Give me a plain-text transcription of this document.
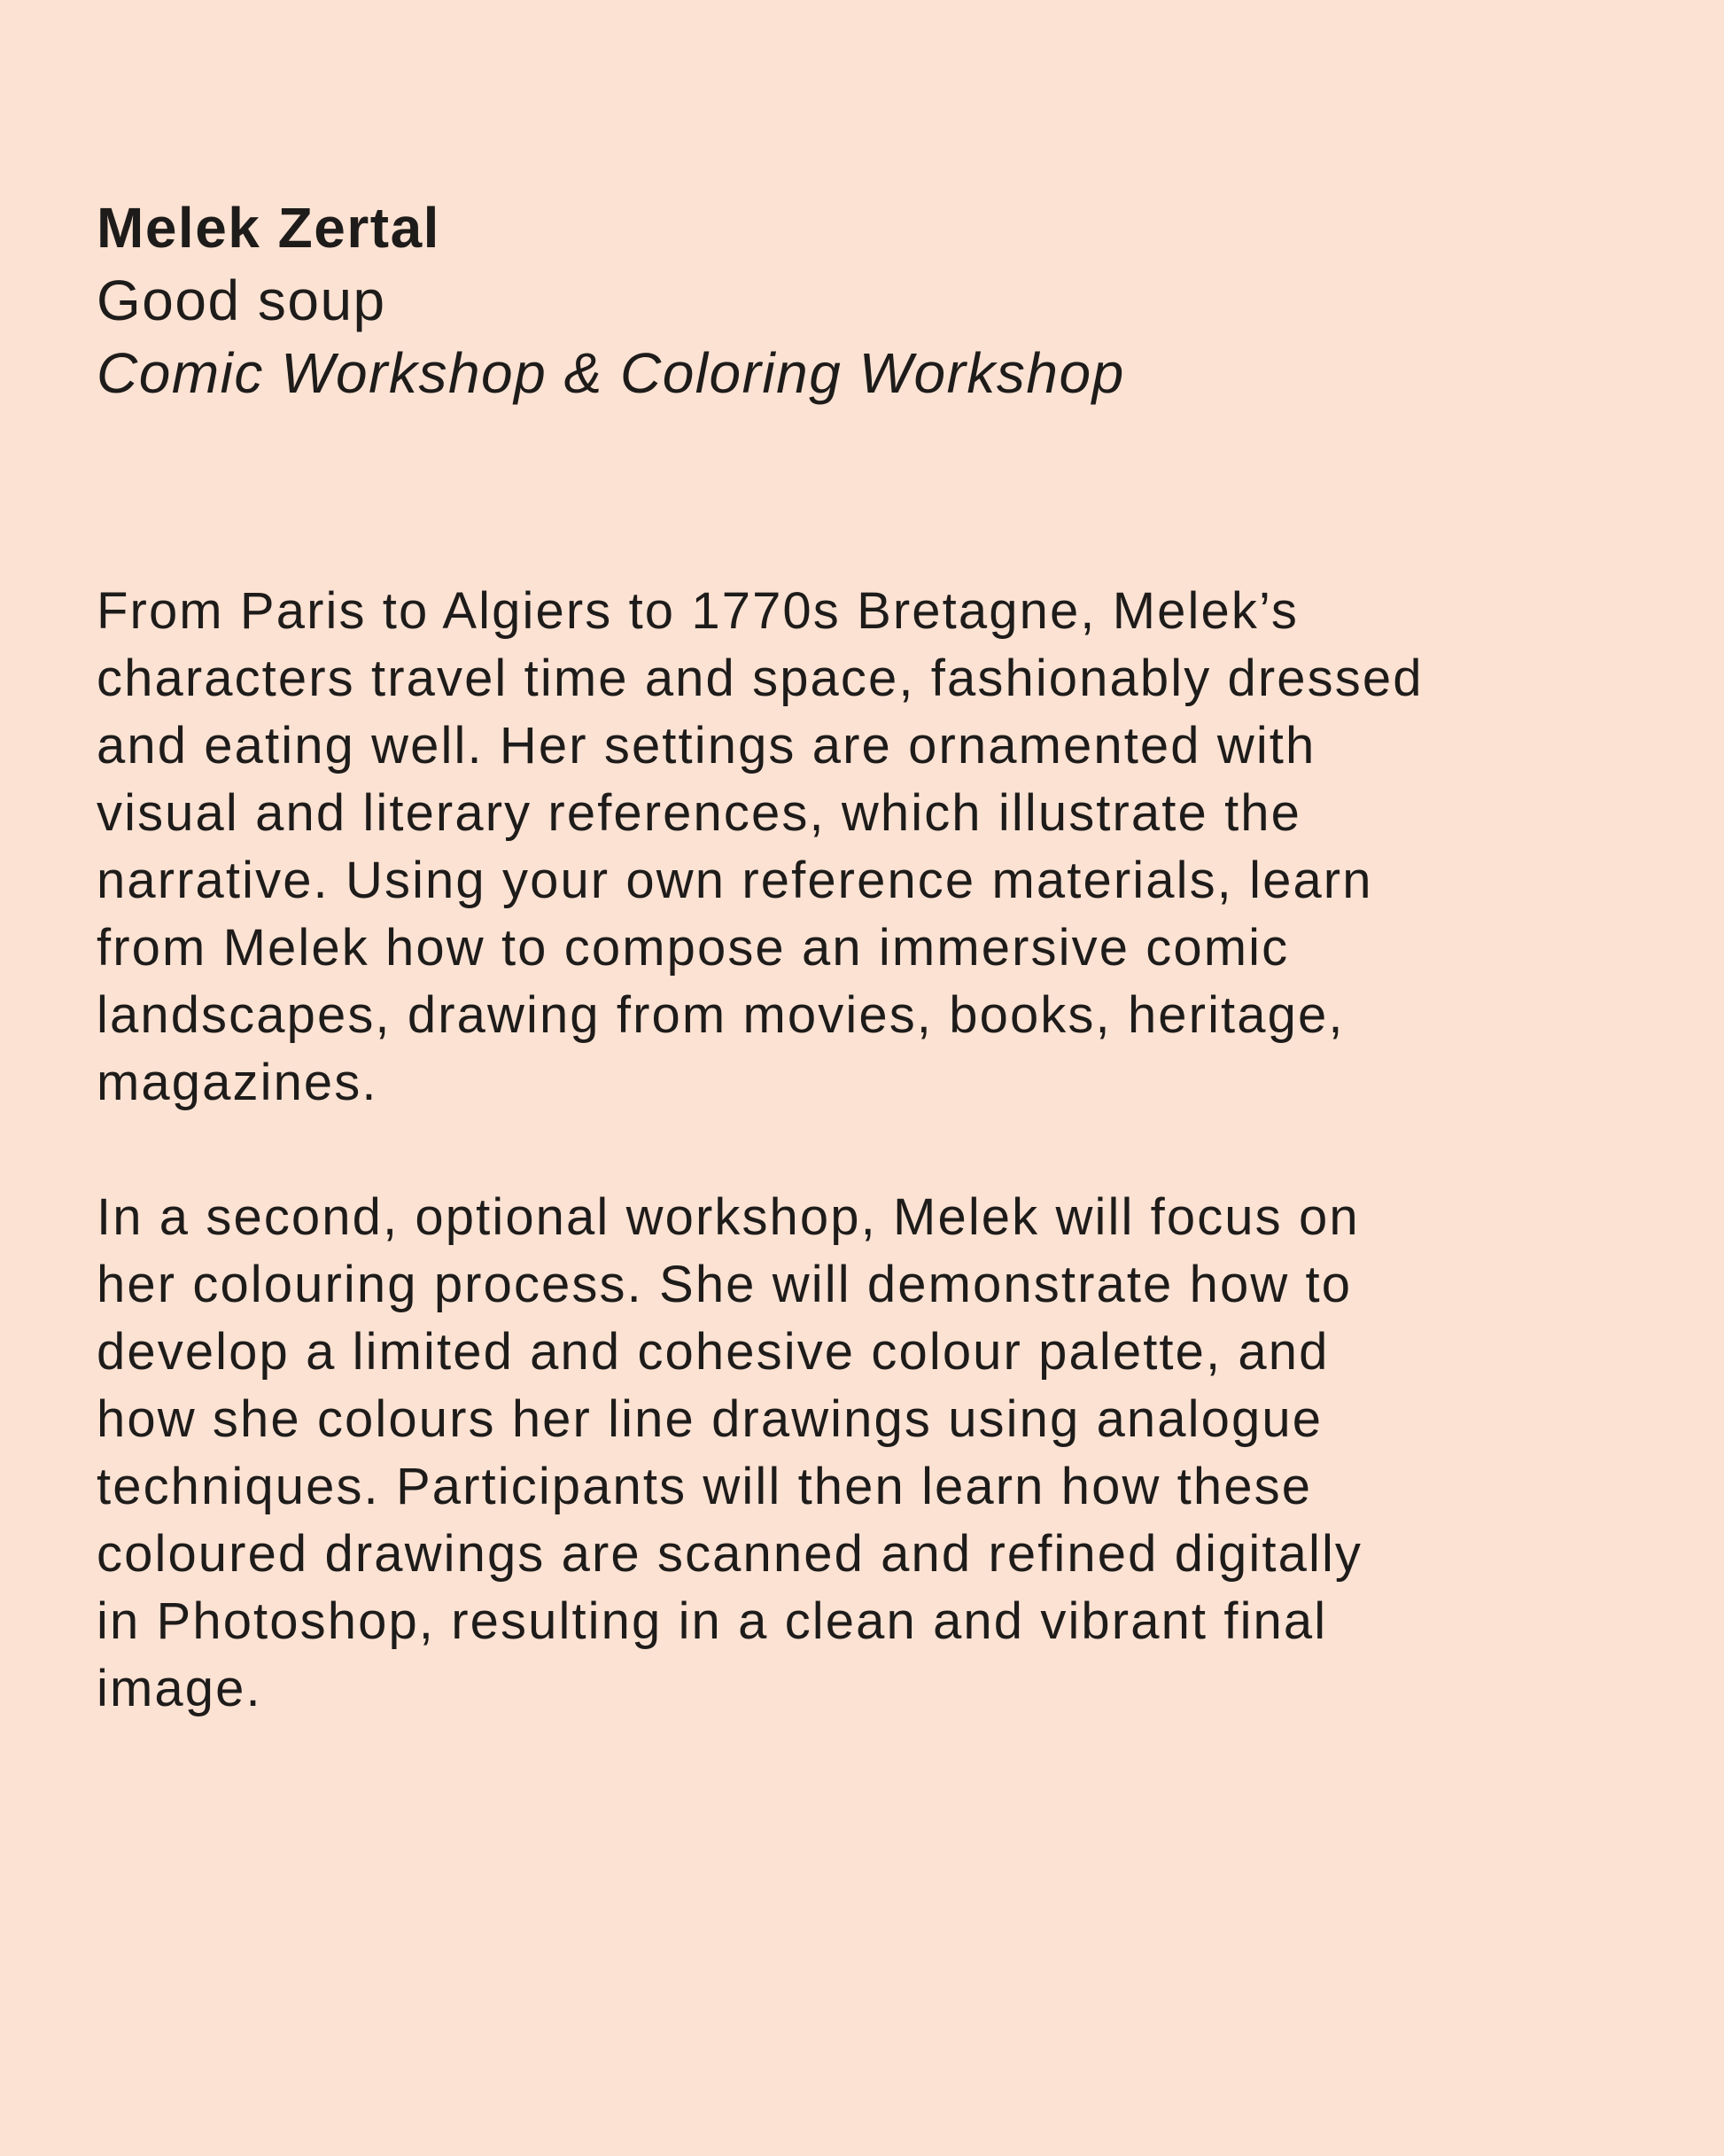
Melek Zertal
Good soup
Comic Workshop & Coloring Workshop

From Paris to Algiers to 1770s Bretagne, Melek’s
characters travel time and space, fashionably dressed
and eating well. Her settings are ornamented with
visual and literary references, which illustrate the
narrative. Using your own reference materials, learn
from Melek how to compose an immersive comic
landscapes, drawing from movies, books, heritage,
magazines.

In a second, optional workshop, Melek will focus on
her colouring process. She will demonstrate how to
develop a limited and cohesive colour palette, and
how she colours her line drawings using analogue
techniques. Participants will then learn how these
coloured drawings are scanned and refined digitally
in Photoshop, resulting in a clean and vibrant final
image.
